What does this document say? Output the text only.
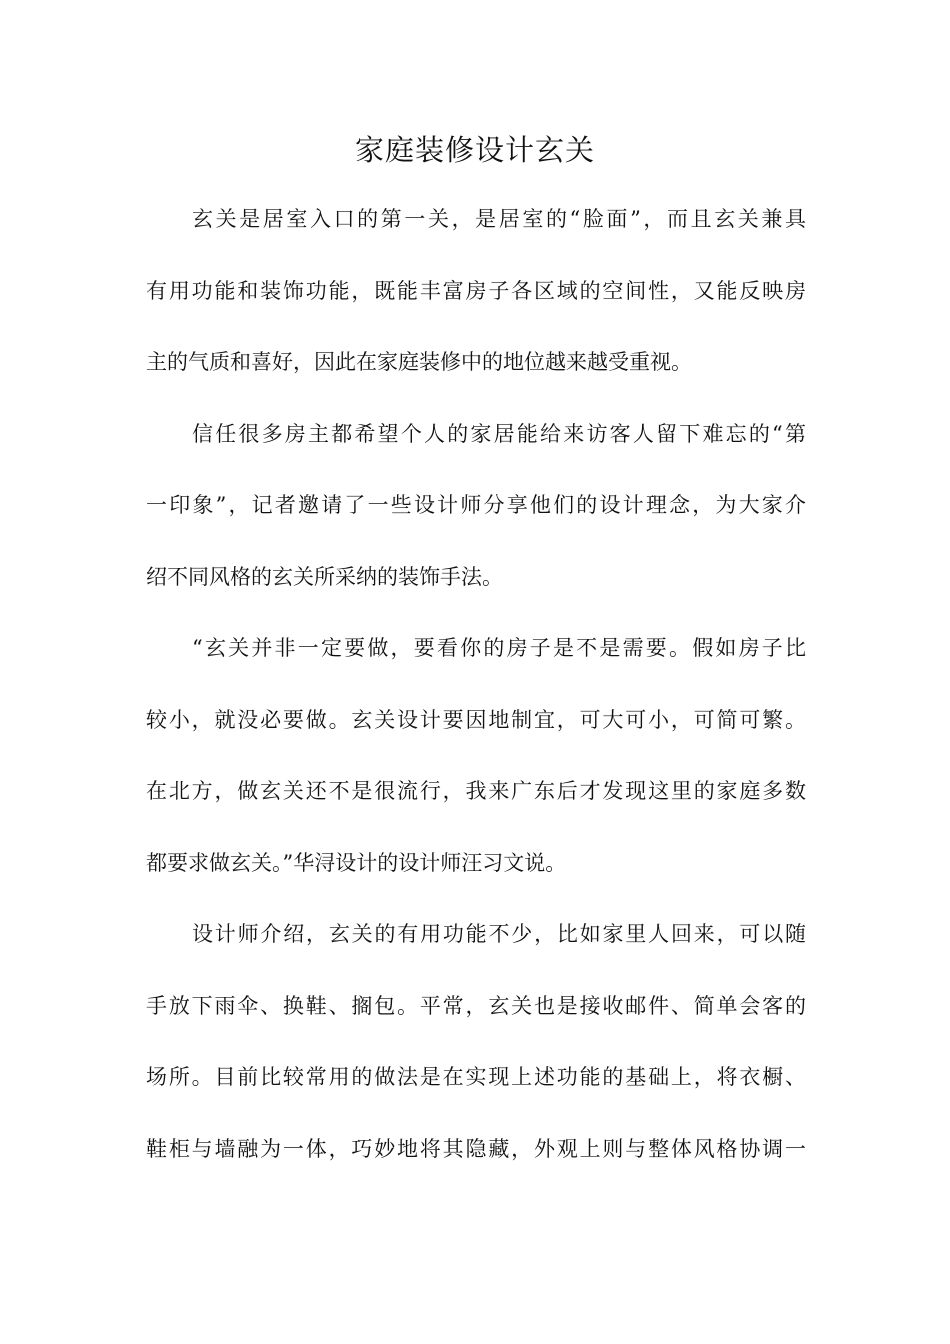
家庭装修设计玄关
玄关是居室入口的第一关，是居室的“脸面”，而且玄关兼具
有用功能和装饰功能，既能丰富房子各区域的空间性，又能反映房
主的气质和喜好，因此在家庭装修中的地位越来越受重视。
信任很多房主都希望个人的家居能给来访客人留下难忘的“第
一印象”，记者邀请了一些设计师分享他们的设计理念，为大家介
绍不同风格的玄关所采纳的装饰手法。
“玄关并非一定要做，要看你的房子是不是需要。假如房子比
较小，就没必要做。玄关设计要因地制宜，可大可小，可简可繁。
在北方，做玄关还不是很流行，我来广东后才发现这里的家庭多数
都要求做玄关。”华浔设计的设计师汪习文说。
设计师介绍，玄关的有用功能不少，比如家里人回来，可以随
手放下雨伞、换鞋、搁包。平常，玄关也是接收邮件、简单会客的
场所。目前比较常用的做法是在实现上述功能的基础上，将衣橱、
鞋柜与墙融为一体，巧妙地将其隐藏，外观上则与整体风格协调一
